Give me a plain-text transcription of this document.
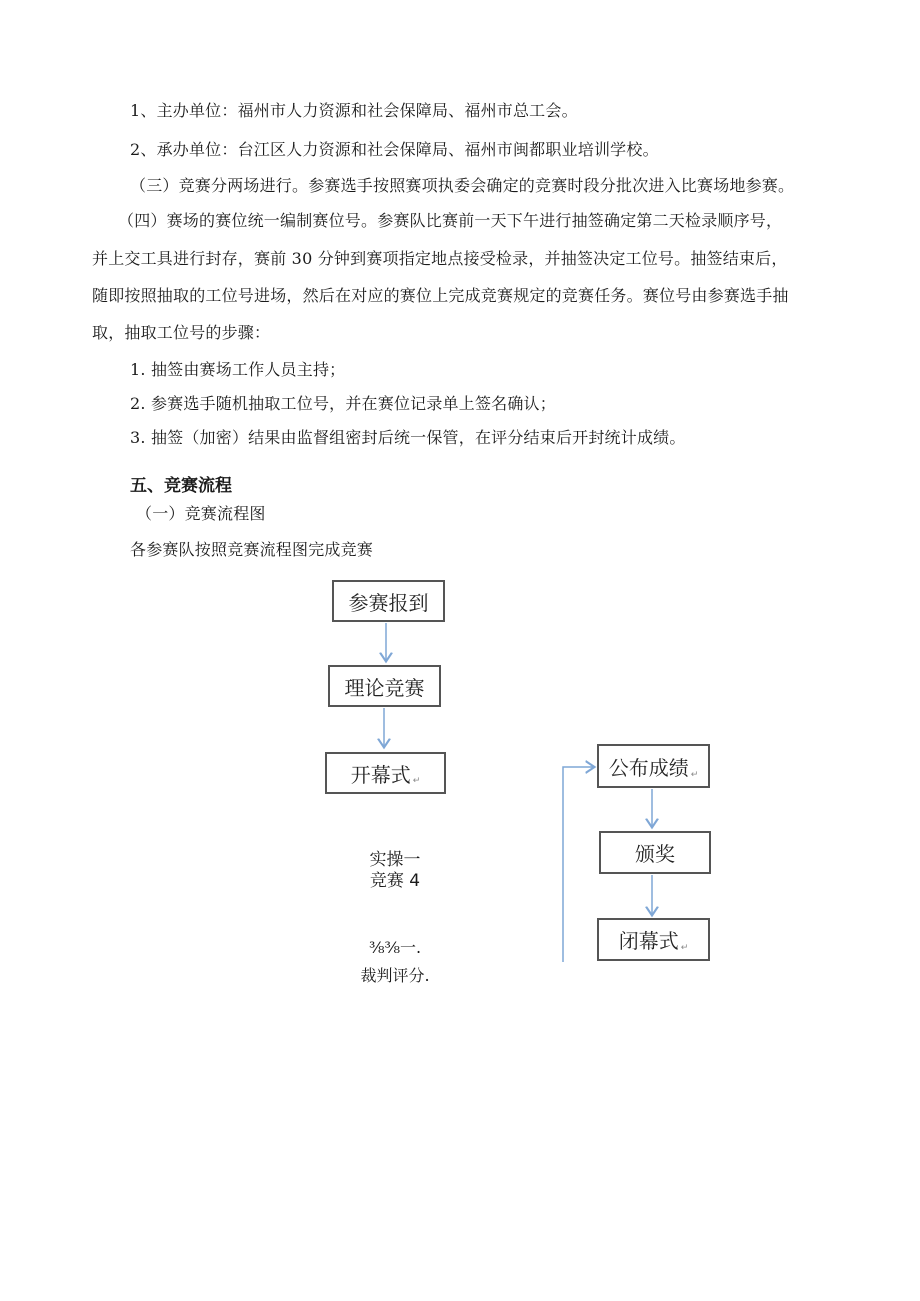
1、主办单位：福州市人力资源和社会保障局、福州市总工会。
2、承办单位：台江区人力资源和社会保障局、福州市闽都职业培训学校。
（三）竞赛分两场进行。参赛选手按照赛项执委会确定的竞赛时段分批次进入比赛场地参赛。
（四）赛场的赛位统一编制赛位号。参赛队比赛前一天下午进行抽签确定第二天检录顺序号，
并上交工具进行封存，赛前 30 分钟到赛项指定地点接受检录，并抽签决定工位号。抽签结束后，
随即按照抽取的工位号进场，然后在对应的赛位上完成竞赛规定的竞赛任务。赛位号由参赛选手抽
取，抽取工位号的步骤：
1. 抽签由赛场工作人员主持；
2. 参赛选手随机抽取工位号，并在赛位记录单上签名确认；
3. 抽签（加密）结果由监督组密封后统一保管，在评分结束后开封统计成绩。
五、竞赛流程
（一）竞赛流程图
各参赛队按照竞赛流程图完成竞赛
参赛报到
理论竞赛
开幕式 ↵
实操一
竞赛 4
⅜⅜一.
裁判评分.
公布成绩 ↵
颁奖
闭幕式 ↵
